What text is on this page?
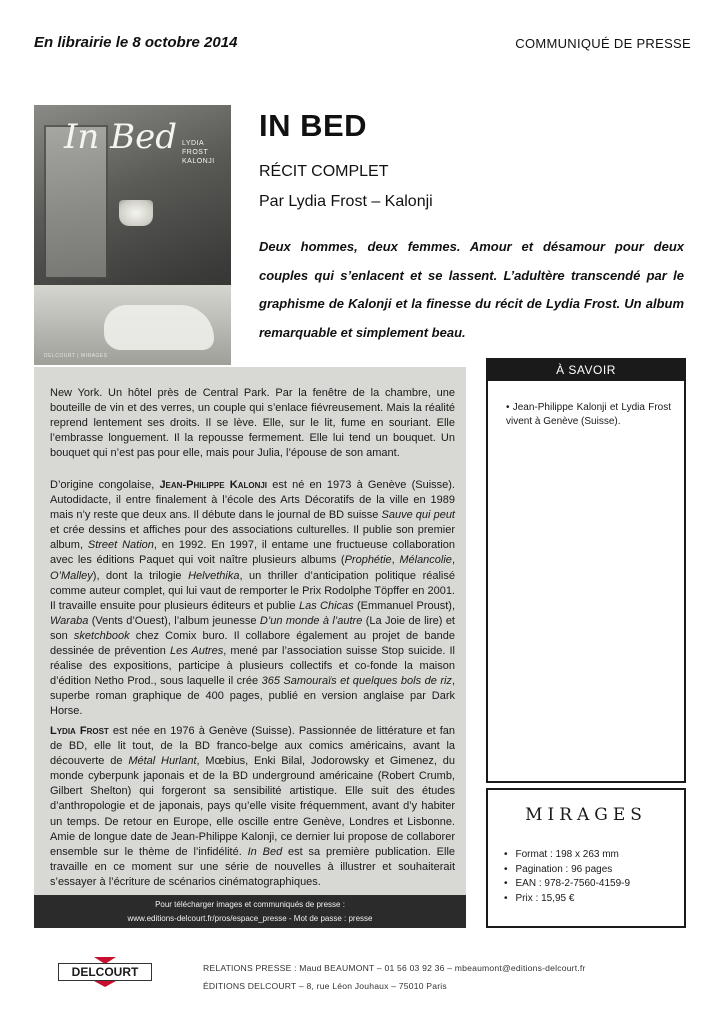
En librairie le 8 octobre 2014	COMMUNIQUÉ DE PRESSE
In Bed LYDIA FROST
KALONJI
DELCOURT | MIRAGES
IN BED
RÉCIT COMPLET
Par Lydia Frost – Kalonji
Deux hommes, deux femmes. Amour et désamour pour deux couples qui s’enlacent et se lassent. L’adultère transcendé par le graphisme de Kalonji et la finesse du récit de Lydia Frost. Un album remarquable et simplement beau.
New York. Un hôtel près de Central Park. Par la fenêtre de la chambre, une bouteille de vin et des verres, un couple qui s’enlace fiévreusement. Mais la réalité reprend lentement ses droits. Il se lève. Elle, sur le lit, fume en souriant. Elle l’embrasse longuement. Il la repousse fermement. Elle lui tend un bouquet. Un bouquet qui n’est pas pour elle, mais pour Julia, l’épouse de son amant.
D’origine congolaise, Jean-Philippe Kalonji est né en 1973 à Genève (Suisse). Autodidacte, il entre finalement à l’école des Arts Décoratifs de la ville en 1989 mais n’y reste que deux ans. Il débute dans le journal de BD suisse Sauve qui peut et crée dessins et affiches pour des associations culturelles. Il publie son premier album, Street Nation, en 1992. En 1997, il entame une fructueuse collaboration avec les éditions Paquet qui voit naître plusieurs albums (Prophétie, Mélancolie, O’Malley), dont la trilogie Helvethika, un thriller d’anticipation politique réalisé comme auteur complet, qui lui vaut de remporter le Prix Rodolphe Töpffer en 2001. Il travaille ensuite pour plusieurs éditeurs et publie Las Chicas (Emmanuel Proust), Waraba (Vents d’Ouest), l’album jeunesse D’un monde à l’autre (La Joie de lire) et son sketchbook chez Comix buro. Il collabore également au projet de bande dessinée de prévention Les Autres, mené par l’association suisse Stop suicide. Il réalise des expositions, participe à plusieurs collectifs et co-fonde la maison d’édition Netho Prod., sous laquelle il crée 365 Samouraïs et quelques bols de riz, superbe roman graphique de 400 pages, publié en version anglaise par Dark Horse.
Lydia Frost est née en 1976 à Genève (Suisse). Passionnée de littérature et fan de BD, elle lit tout, de la BD franco-belge aux comics américains, avant la découverte de Métal Hurlant, Mœbius, Enki Bilal, Jodorowsky et Gimenez, du monde cyberpunk japonais et de la BD underground américaine (Robert Crumb, Gilbert Shelton) qui forgeront sa sensibilité artistique. Elle suit des études d’anthropologie et de japonais, pays qu’elle visite fréquemment, avant d’y habiter un temps. De retour en Europe, elle oscille entre Genève, Londres et Lisbonne. Amie de longue date de Jean-Philippe Kalonji, ce dernier lui propose de collaborer ensemble sur le thème de l’infidélité. In Bed est sa première publication. Elle travaille en ce moment sur une série de nouvelles à illustrer et souhaiterait s’essayer à l’écriture de scénarios cinématographiques.
Pour télécharger images et communiqués de presse :
www.editions-delcourt.fr/pros/espace_presse - Mot de passe : presse
À SAVOIR
• Jean-Philippe Kalonji et Lydia Frost vivent à Genève (Suisse).
MIRAGES
• Format : 198 x 263 mm
• Pagination : 96 pages
• EAN : 978-2-7560-4159-9
• Prix : 15,95 €
DELCOURT	RELATIONS PRESSE : Maud BEAUMONT – 01 56 03 92 36 – mbeaumont@editions-delcourt.fr
ÉDITIONS DELCOURT – 8, rue Léon Jouhaux – 75010 Paris
